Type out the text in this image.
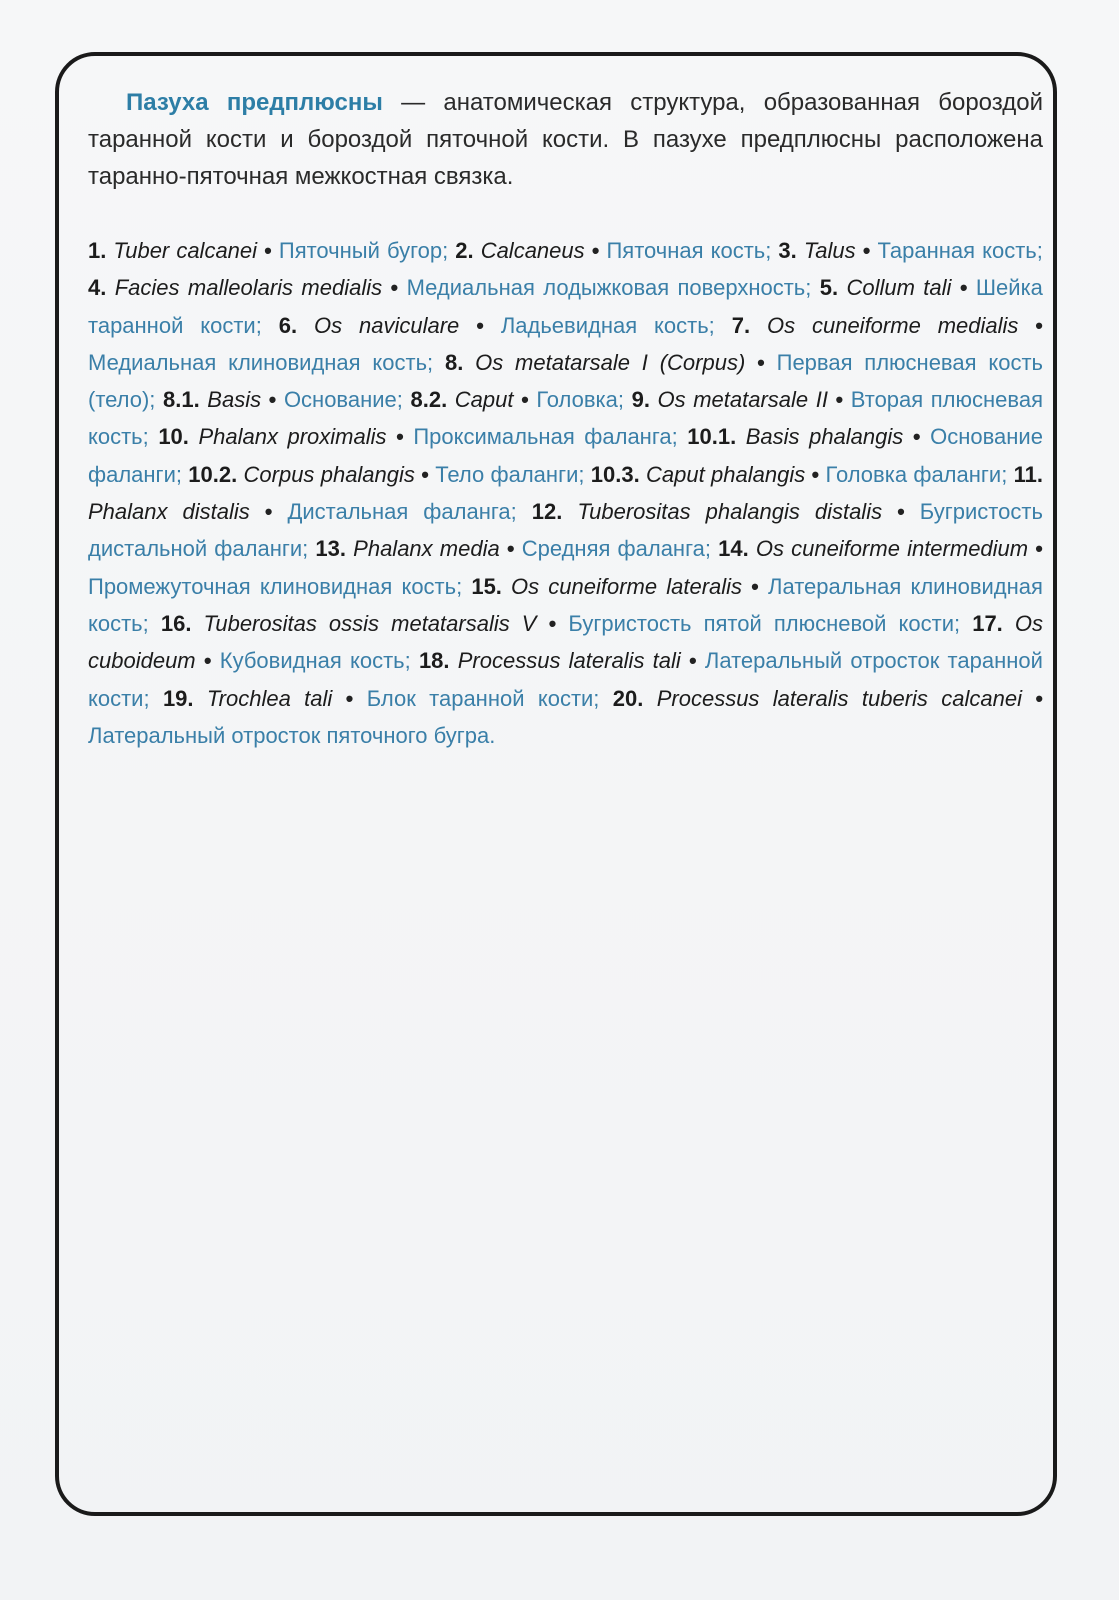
Пазуха предплюсны — анатомическая структура, образованная бороздой таранной кости и бороздой пяточной кости. В пазухе предплюсны расположена таранно-пяточная межкостная связка.

1. Tuber calcanei • Пяточный бугор; 2. Calcaneus • Пяточная кость; 3. Talus • Таранная кость; 4. Facies malleolaris medialis • Медиальная лодыжковая поверхность; 5. Collum tali • Шейка таранной кости; 6. Os naviculare • Ладьевидная кость; 7. Os cuneiforme medialis • Медиальная клиновидная кость; 8. Os metatarsale I (Corpus) • Первая плюсневая кость (тело); 8.1. Basis • Основание; 8.2. Caput • Головка; 9. Os metatarsale II • Вторая плюсневая кость; 10. Phalanx proximalis • Проксимальная фаланга; 10.1. Basis phalangis • Основание фаланги; 10.2. Corpus phalangis • Тело фаланги; 10.3. Caput phalangis • Головка фаланги; 11. Phalanx distalis • Дистальная фаланга; 12. Tuberositas phalangis distalis • Бугристость дистальной фаланги; 13. Phalanx media • Средняя фаланга; 14. Os cuneiforme intermedium • Промежуточная клиновидная кость; 15. Os cuneiforme lateralis • Латеральная клиновидная кость; 16. Tuberositas ossis metatarsalis V • Бугристость пятой плюсневой кости; 17. Os cuboideum • Кубовидная кость; 18. Processus lateralis tali • Латеральный отросток таранной кости; 19. Trochlea tali • Блок таранной кости; 20. Processus lateralis tuberis calcanei • Латеральный отросток пяточного бугра.
